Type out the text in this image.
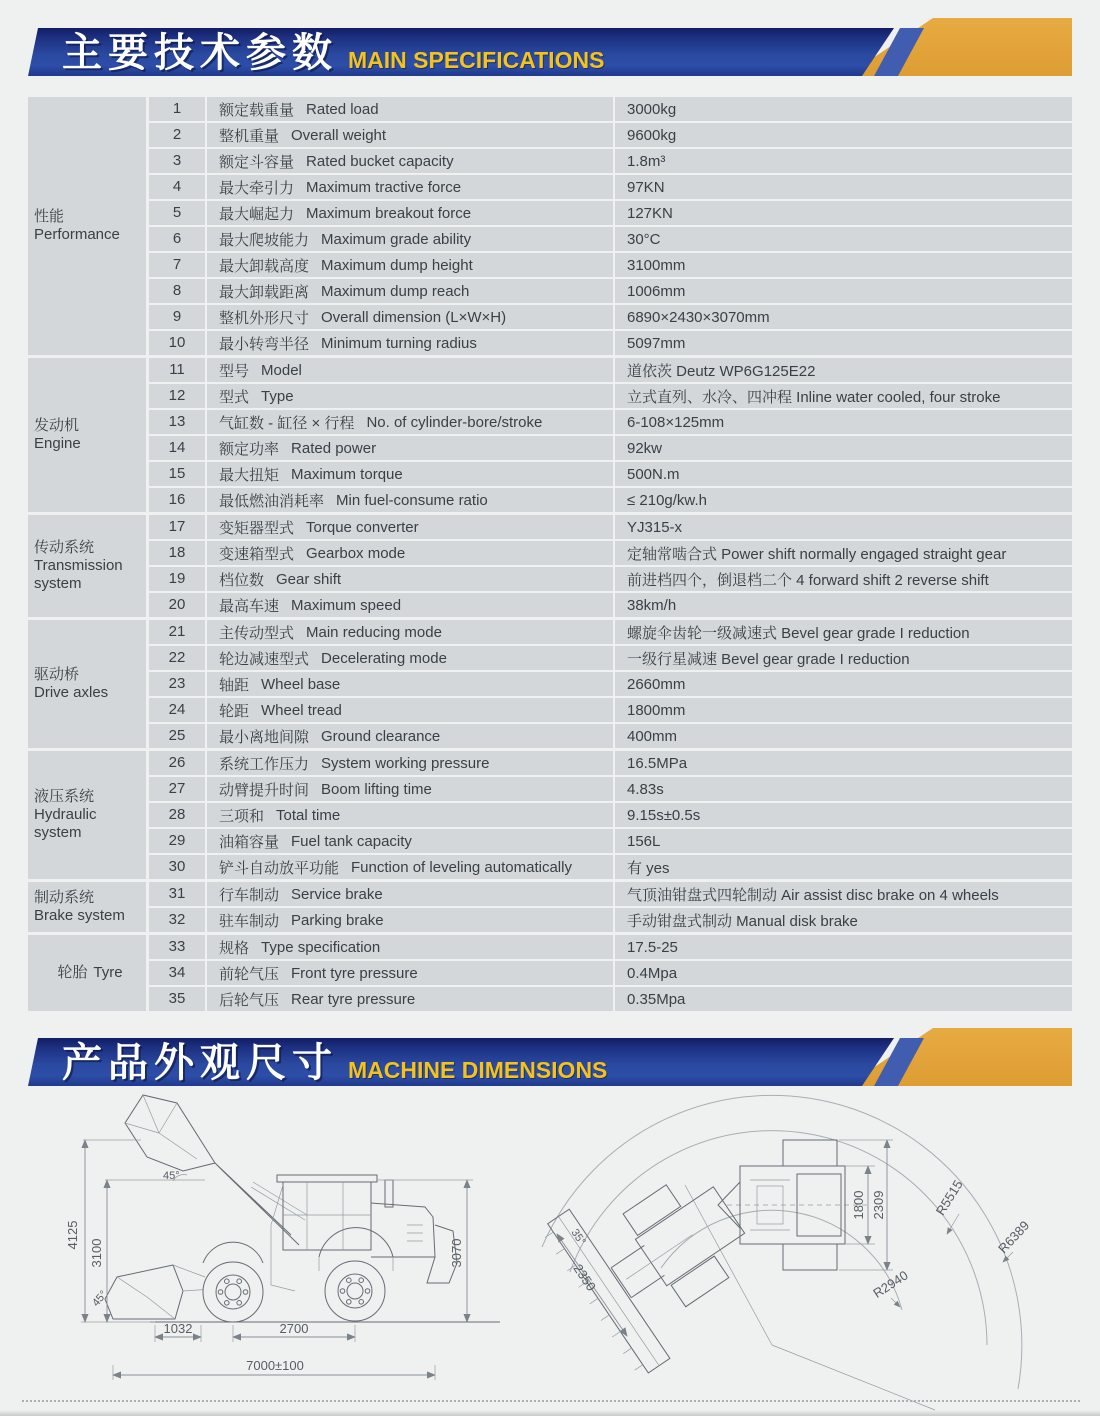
主要技术参数 MAIN SPECIFICATIONS
性能
Performance
1	额定载重量 Rated load	3000kg
2	整机重量 Overall weight	9600kg
3	额定斗容量 Rated bucket capacity	1.8m³
4	最大牵引力 Maximum tractive force	97KN
5	最大崛起力 Maximum breakout force	127KN
6	最大爬坡能力 Maximum grade ability	30°C
7	最大卸载高度 Maximum dump height	3100mm
8	最大卸载距离 Maximum dump reach	1006mm
9	整机外形尺寸 Overall dimension (L×W×H)	6890×2430×3070mm
10	最小转弯半径 Minimum turning radius	5097mm
发动机
Engine
11	型号 Model	道依茨 Deutz WP6G125E22
12	型式 Type	立式直列、水冷、四冲程 Inline water cooled, four stroke
13	气缸数 - 缸径 × 行程 No. of cylinder-bore/stroke	6-108×125mm
14	额定功率 Rated power	92kw
15	最大扭矩 Maximum torque	500N.m
16	最低燃油消耗率 Min fuel-consume ratio	≤ 210g/kw.h
传动系统
Transmission system
17	变矩器型式 Torque converter	YJ315-x
18	变速箱型式 Gearbox mode	定轴常啮合式 Power shift normally engaged straight gear
19	档位数 Gear shift	前进档四个，倒退档二个 4 forward shift 2 reverse shift
20	最高车速 Maximum speed	38km/h
驱动桥
Drive axles
21	主传动型式 Main reducing mode	螺旋伞齿轮一级减速式 Bevel gear grade I reduction
22	轮边减速型式 Decelerating mode	一级行星减速 Bevel gear grade I reduction
23	轴距 Wheel base	2660mm
24	轮距 Wheel tread	1800mm
25	最小离地间隙 Ground clearance	400mm
液压系统
Hydraulic system
26	系统工作压力 System working pressure	16.5MPa
27	动臂提升时间 Boom lifting time	4.83s
28	三项和 Total time	9.15s±0.5s
29	油箱容量 Fuel tank capacity	156L
30	铲斗自动放平功能 Function of leveling automatically	有 yes
制动系统
Brake system
31	行车制动 Service brake	气顶油钳盘式四轮制动 Air assist disc brake on 4 wheels
32	驻车制动 Parking brake	手动钳盘式制动 Manual disk brake
轮胎 Tyre
33	规格 Type specification	17.5-25
34	前轮气压 Front tyre pressure	0.4Mpa
35	后轮气压 Rear tyre pressure	0.35Mpa
产品外观尺寸 MACHINE DIMENSIONS
4125
3100	3070
1032	2700
7000±100
45°
45°
1800 2309
2350
35°
R5515
R6389
R2940
